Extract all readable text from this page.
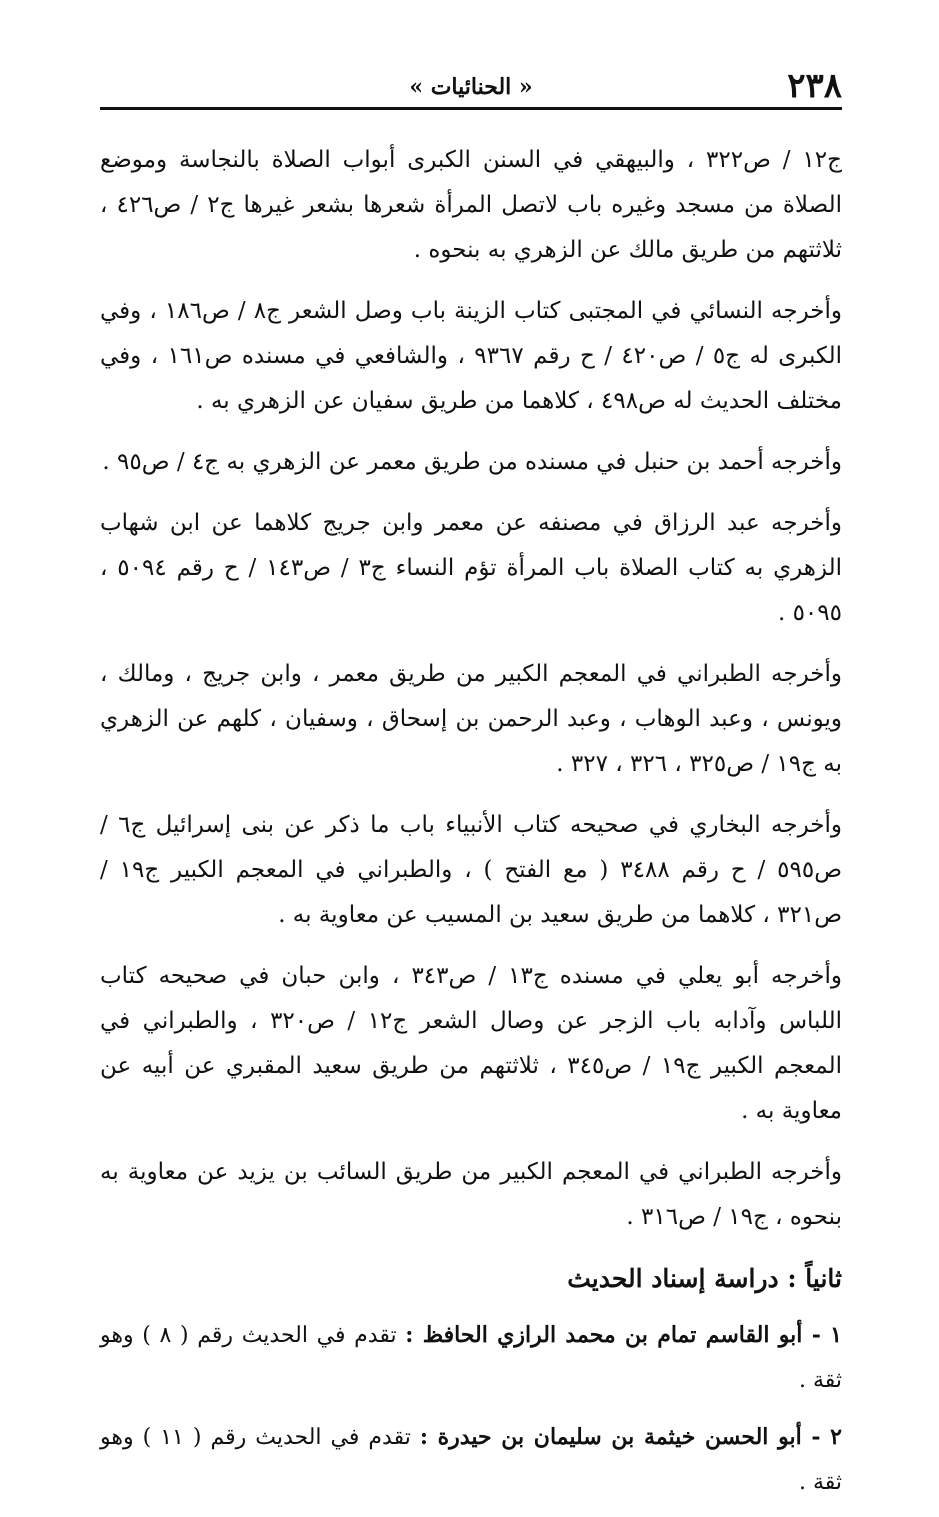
٢٣٨
« الحنائيات »

ج١٢ / ص٣٢٢ ، والبيهقي في السنن الكبرى أبواب الصلاة بالنجاسة وموضع الصلاة من مسجد وغيره باب لاتصل المرأة شعرها بشعر غيرها ج٢ / ص٤٢٦ ، ثلاثتهم من طريق مالك عن الزهري به بنحوه .

وأخرجه النسائي في المجتبى كتاب الزينة باب وصل الشعر ج٨ / ص١٨٦ ، وفي الكبرى له ج٥ / ص٤٢٠ / ح رقم ٩٣٦٧ ، والشافعي في مسنده ص١٦١ ، وفي مختلف الحديث له ص٤٩٨ ، كلاهما من طريق سفيان عن الزهري به .

وأخرجه أحمد بن حنبل في مسنده من طريق معمر عن الزهري به ج٤ / ص٩٥ .

وأخرجه عبد الرزاق في مصنفه عن معمر وابن جريج كلاهما عن ابن شهاب الزهري به كتاب الصلاة باب المرأة تؤم النساء ج٣ / ص١٤٣ / ح رقم ٥٠٩٤ ، ٥٠٩٥ .

وأخرجه الطبراني في المعجم الكبير من طريق معمر ، وابن جريج ، ومالك ، ويونس ، وعبد الوهاب ، وعبد الرحمن بن إسحاق ، وسفيان ، كلهم عن الزهري به ج١٩ / ص٣٢٥ ، ٣٢٦ ، ٣٢٧ .

وأخرجه البخاري في صحيحه كتاب الأنبياء باب ما ذكر عن بنى إسرائيل ج٦ / ص٥٩٥ / ح رقم ٣٤٨٨ ( مع الفتح ) ، والطبراني في المعجم الكبير ج١٩ / ص٣٢١ ، كلاهما من طريق سعيد بن المسيب عن معاوية به .

وأخرجه أبو يعلي في مسنده ج١٣ / ص٣٤٣ ، وابن حبان في صحيحه كتاب اللباس وآدابه باب الزجر عن وصال الشعر ج١٢ / ص٣٢٠ ، والطبراني في المعجم الكبير ج١٩ / ص٣٤٥ ، ثلاثتهم من طريق سعيد المقبري عن أبيه عن معاوية به .

وأخرجه الطبراني في المعجم الكبير من طريق السائب بن يزيد عن معاوية به بنحوه ، ج١٩ / ص٣١٦ .

ثانياً : دراسة إسناد الحديث
١ - أبو القاسم تمام بن محمد الرازي الحافظ : تقدم في الحديث رقم ( ٨ ) وهو ثقة .
٢ - أبو الحسن خيثمة بن سليمان بن حيدرة : تقدم في الحديث رقم ( ١١ ) وهو ثقة .
